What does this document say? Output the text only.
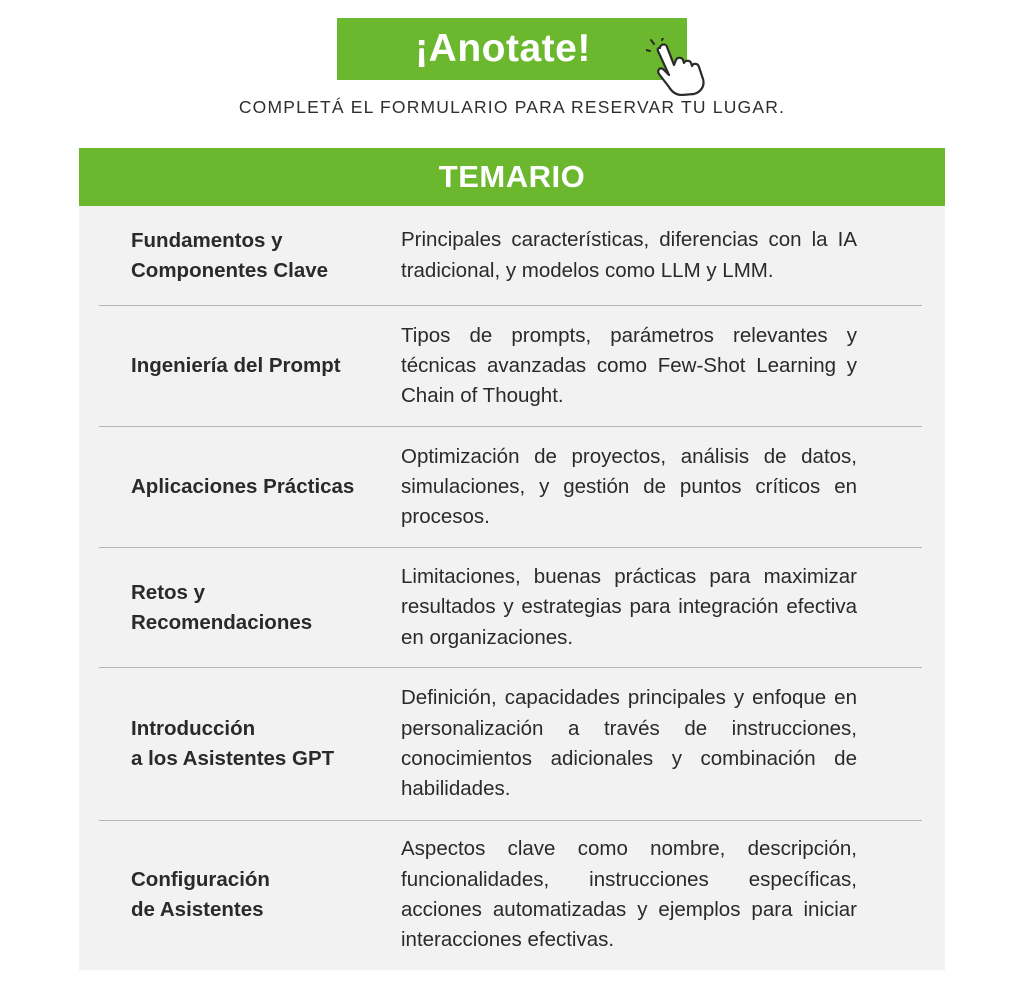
¡Anotate!
COMPLETÁ EL FORMULARIO PARA RESERVAR TU LUGAR.
TEMARIO
Fundamentos y
Componentes Clave
Principales características, diferencias con la IA tradicional, y modelos como LLM y LMM.
Ingeniería del Prompt
Tipos de prompts, parámetros relevantes y técnicas avanzadas como Few-Shot Learning y Chain of Thought.
Aplicaciones Prácticas
Optimización de proyectos, análisis de datos, simulaciones, y gestión de puntos críticos en procesos.
Retos y
Recomendaciones
Limitaciones, buenas prácticas para maximizar resultados y estrategias para integración efectiva en organizaciones.
Introducción
a los Asistentes GPT
Definición, capacidades principales y enfoque en personalización a través de instrucciones, conocimientos adicionales y combinación de habilidades.
Configuración
de Asistentes
Aspectos clave como nombre, descripción, funcionalidades, instrucciones específicas, acciones automatizadas y ejemplos para iniciar interacciones efectivas.
